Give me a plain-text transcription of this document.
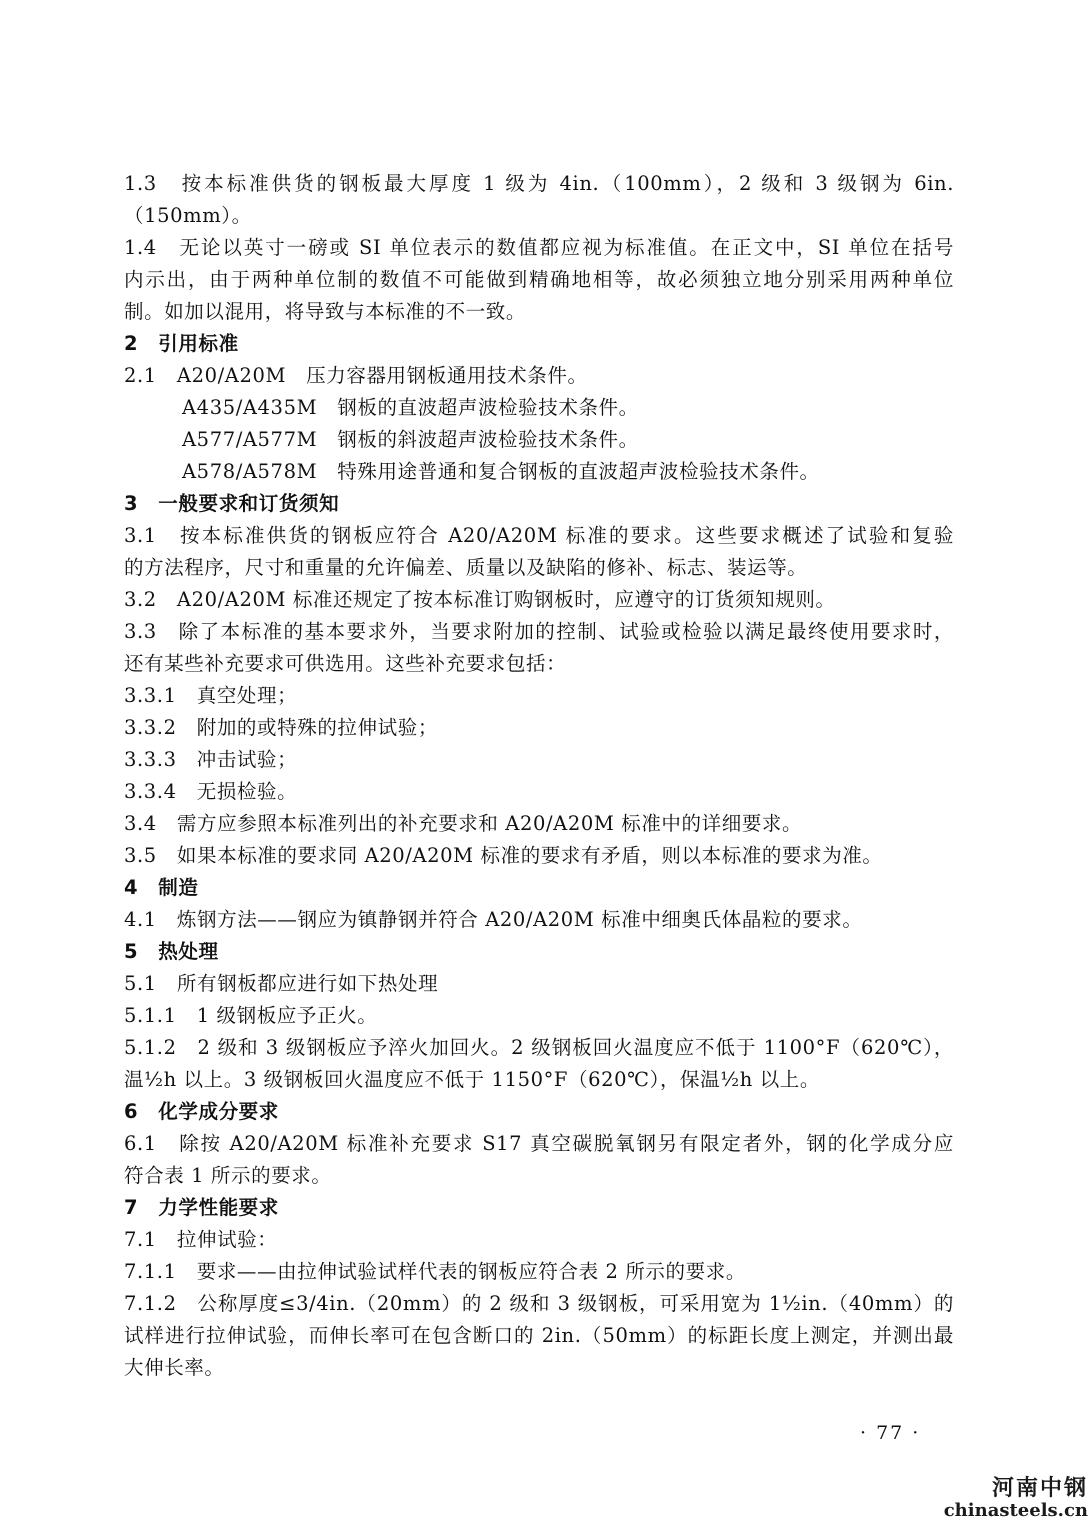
1.3　按本标准供货的钢板最大厚度 1 级为 4in.（100mm），2 级和 3 级钢为 6in.
（150mm）。
1.4　无论以英寸一磅或 SI 单位表示的数值都应视为标准值。在正文中，SI 单位在括号
内示出，由于两种单位制的数值不可能做到精确地相等，故必须独立地分别采用两种单位
制。如加以混用，将导致与本标准的不一致。
2　引用标准
2.1　A20/A20M　压力容器用钢板通用技术条件。
A435/A435M　钢板的直波超声波检验技术条件。
A577/A577M　钢板的斜波超声波检验技术条件。
A578/A578M　特殊用途普通和复合钢板的直波超声波检验技术条件。
3　一般要求和订货须知
3.1　按本标准供货的钢板应符合 A20/A20M 标准的要求。这些要求概述了试验和复验
的方法程序，尺寸和重量的允许偏差、质量以及缺陷的修补、标志、装运等。
3.2　A20/A20M 标准还规定了按本标准订购钢板时，应遵守的订货须知规则。
3.3　除了本标准的基本要求外，当要求附加的控制、试验或检验以满足最终使用要求时，
还有某些补充要求可供选用。这些补充要求包括：
3.3.1　真空处理；
3.3.2　附加的或特殊的拉伸试验；
3.3.3　冲击试验；
3.3.4　无损检验。
3.4　需方应参照本标准列出的补充要求和 A20/A20M 标准中的详细要求。
3.5　如果本标准的要求同 A20/A20M 标准的要求有矛盾，则以本标准的要求为准。
4　制造
4.1　炼钢方法——钢应为镇静钢并符合 A20/A20M 标准中细奥氏体晶粒的要求。
5　热处理
5.1　所有钢板都应进行如下热处理
5.1.1　1 级钢板应予正火。
5.1.2　2 级和 3 级钢板应予淬火加回火。2 级钢板回火温度应不低于 1100°F（620℃），
温½h 以上。3 级钢板回火温度应不低于 1150°F（620℃），保温½h 以上。
6　化学成分要求
6.1　除按 A20/A20M 标准补充要求 S17 真空碳脱氧钢另有限定者外，钢的化学成分应
符合表 1 所示的要求。
7　力学性能要求
7.1　拉伸试验：
7.1.1　要求——由拉伸试验试样代表的钢板应符合表 2 所示的要求。
7.1.2　公称厚度≤3/4in.（20mm）的 2 级和 3 级钢板，可采用宽为 1½in.（40mm）的
试样进行拉伸试验，而伸长率可在包含断口的 2in.（50mm）的标距长度上测定，并测出最
大伸长率。
· 77 ·
河南中钢
chinasteels.cn
